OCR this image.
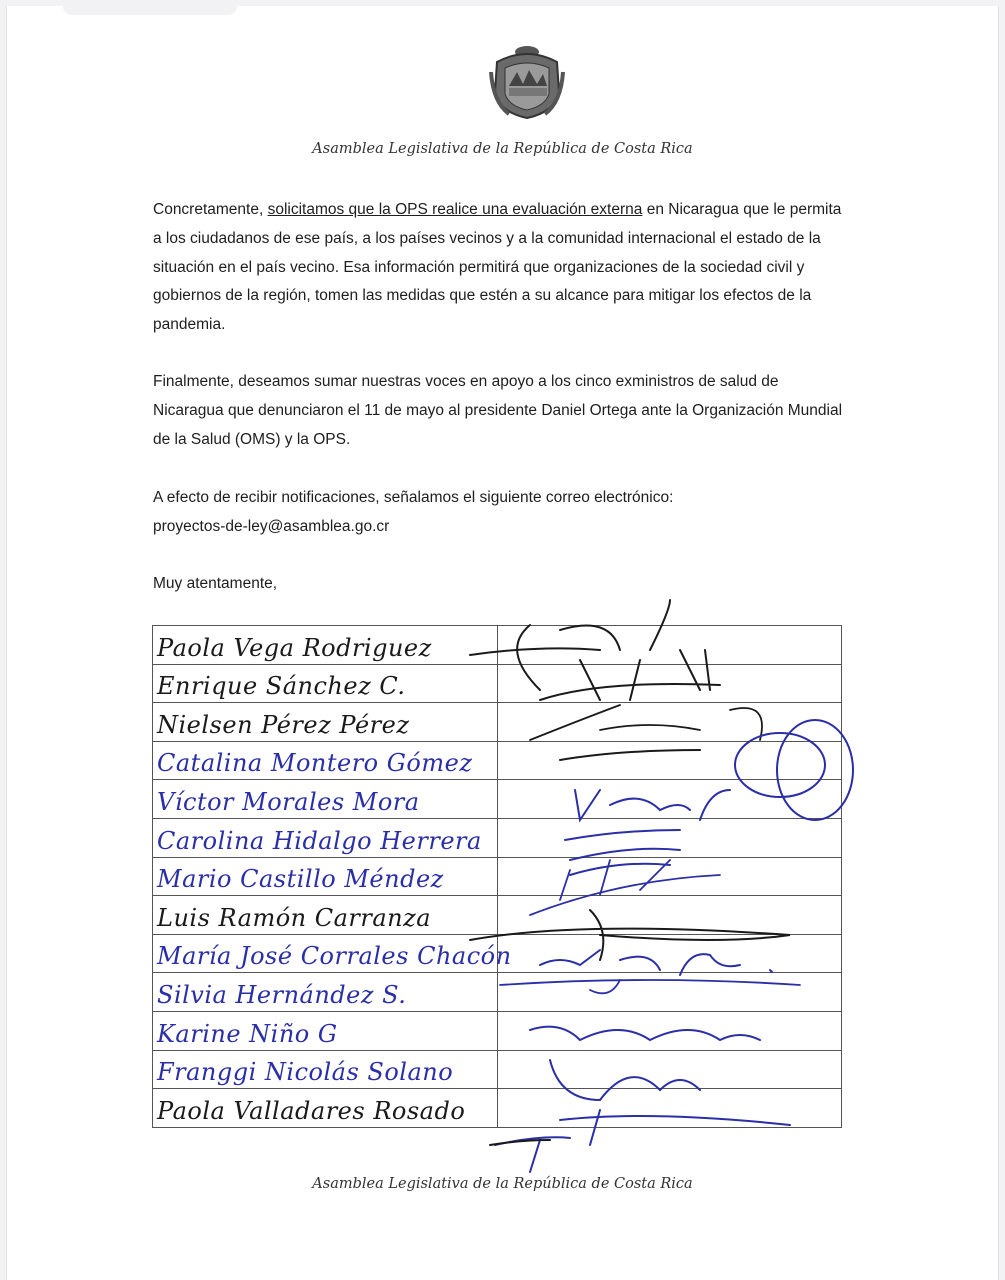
Asamblea Legislativa de la República de Costa Rica
Concretamente, solicitamos que la OPS realice una evaluación externa en Nicaragua que le permita a los ciudadanos de ese país, a los países vecinos y a la comunidad internacional el estado de la situación en el país vecino. Esa información permitirá que organizaciones de la sociedad civil y gobiernos de la región, tomen las medidas que estén a su alcance para mitigar los efectos de la pandemia.
Finalmente, deseamos sumar nuestras voces en apoyo a los cinco exministros de salud de Nicaragua que denunciaron el 11 de mayo al presidente Daniel Ortega ante la Organización Mundial de la Salud (OMS) y la OPS.
A efecto de recibir notificaciones, señalamos el siguiente correo electrónico:
proyectos-de-ley@asamblea.go.cr
Muy atentamente,
Paola Vega Rodriguez	

Enrique Sánchez C.	

Nielsen Pérez Pérez	

Catalina Montero Gómez	

Víctor Morales Mora	

Carolina Hidalgo Herrera	

Mario Castillo Méndez	

Luis Ramón Carranza	

María José Corrales Chacón	

Silvia Hernández S.	

Karine Niño G	

Franggi Nicolás Solano	

Paola Valladares Rosado	

Asamblea Legislativa de la República de Costa Rica
